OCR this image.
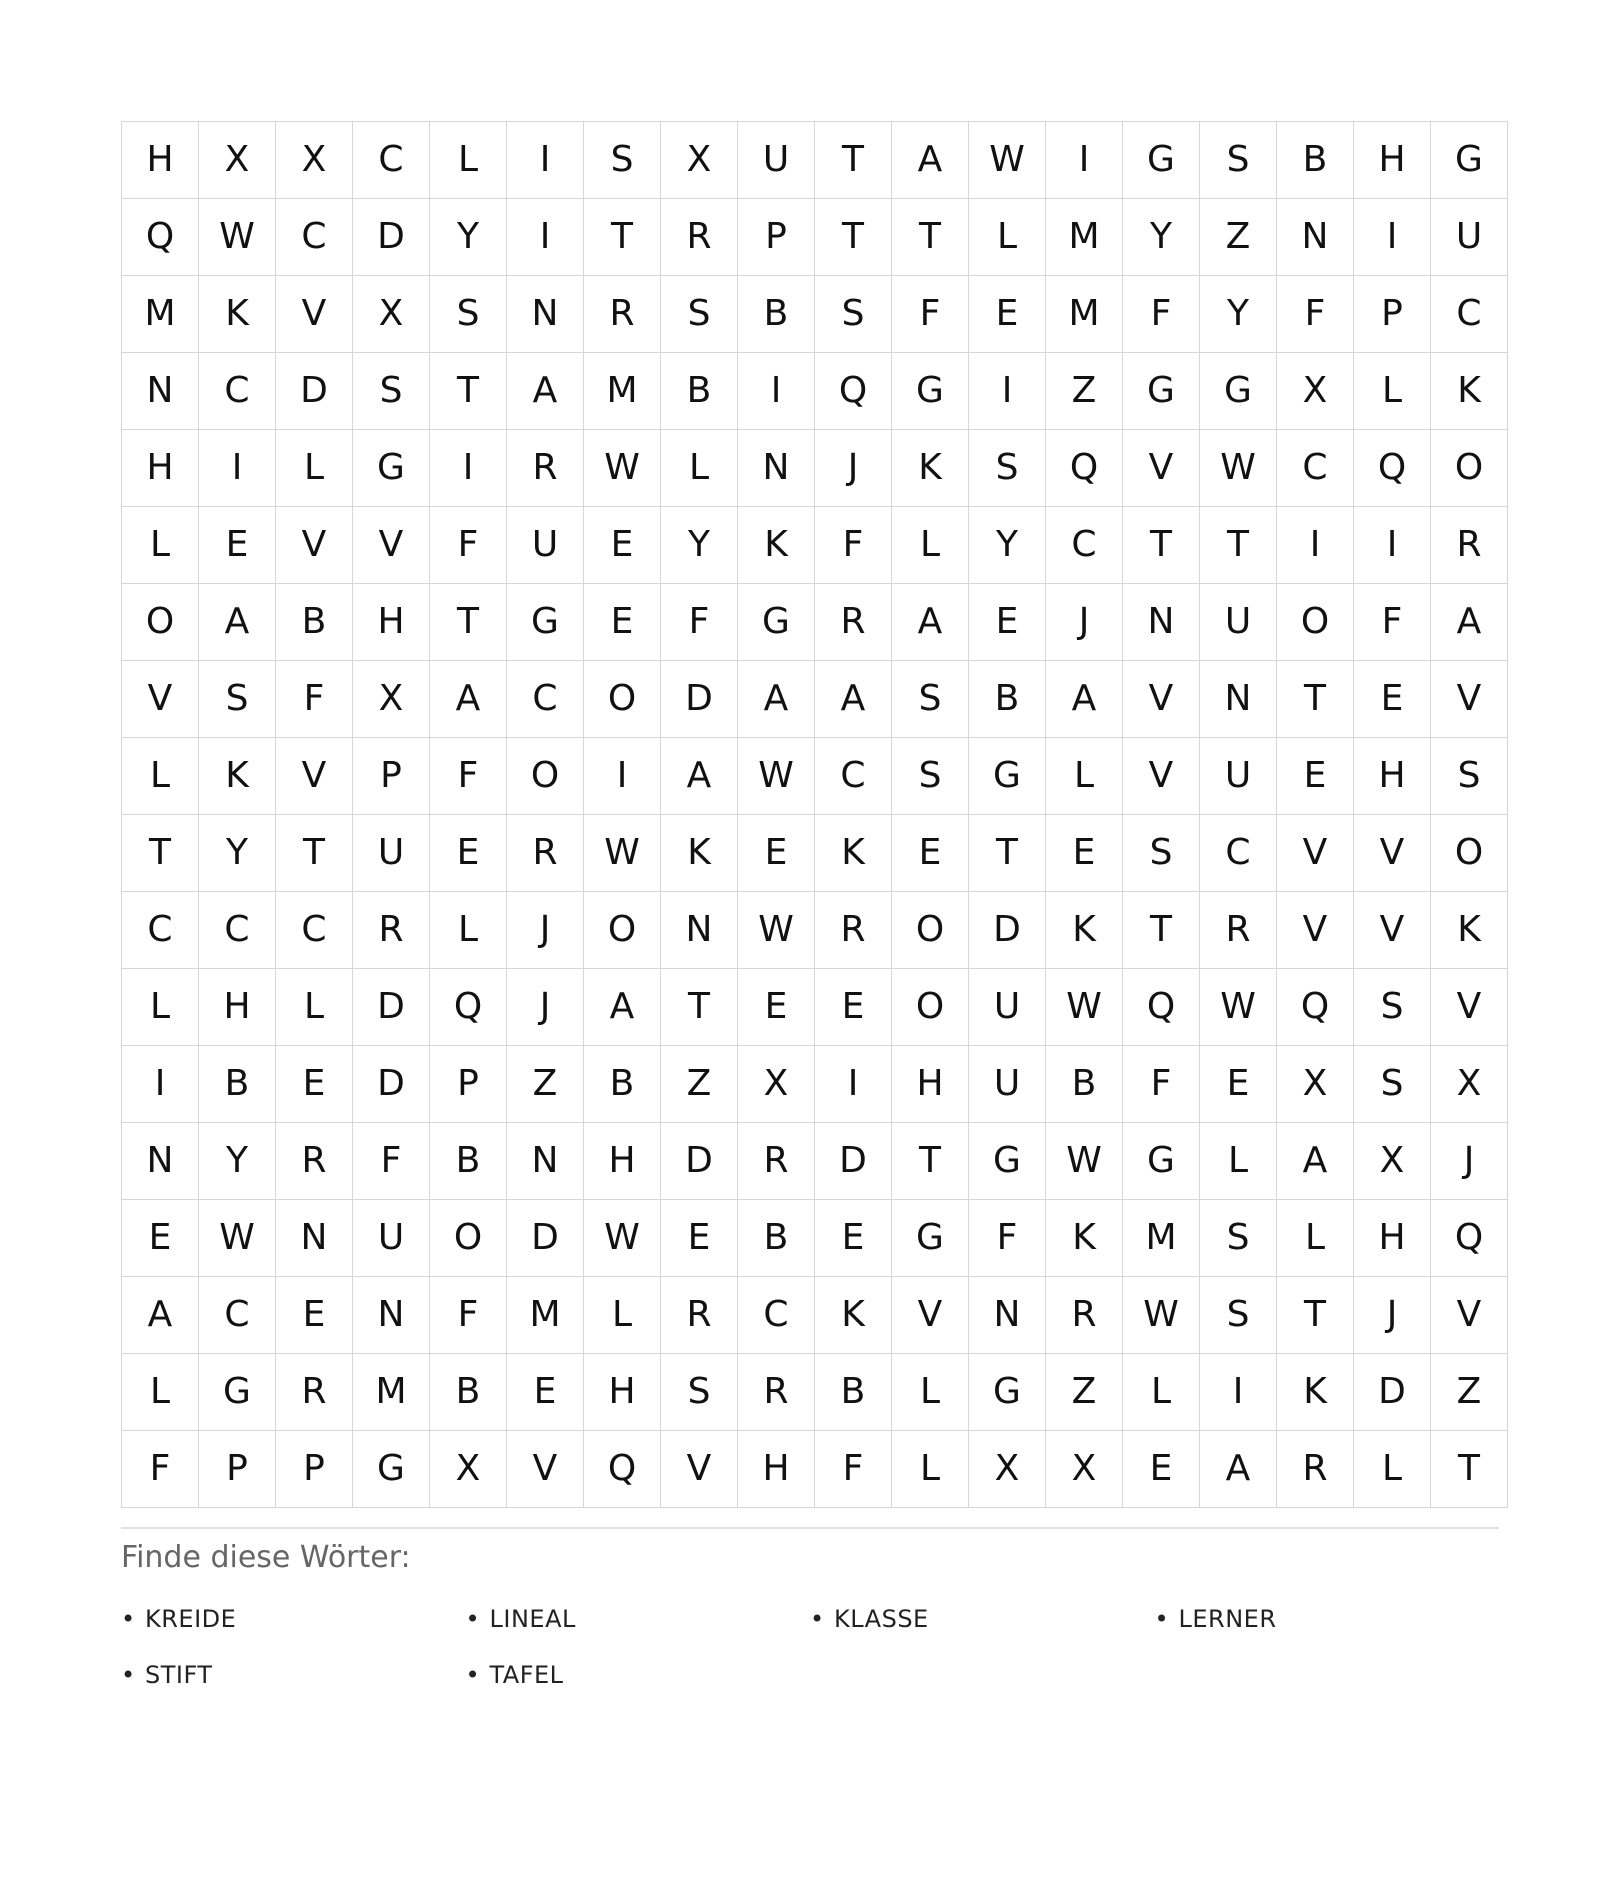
H	X	X	C	L	I	S	X	U	T	A	W	I	G	S	B	H	G
Q	W	C	D	Y	I	T	R	P	T	T	L	M	Y	Z	N	I	U
M	K	V	X	S	N	R	S	B	S	F	E	M	F	Y	F	P	C
N	C	D	S	T	A	M	B	I	Q	G	I	Z	G	G	X	L	K
H	I	L	G	I	R	W	L	N	J	K	S	Q	V	W	C	Q	O
L	E	V	V	F	U	E	Y	K	F	L	Y	C	T	T	I	I	R
O	A	B	H	T	G	E	F	G	R	A	E	J	N	U	O	F	A
V	S	F	X	A	C	O	D	A	A	S	B	A	V	N	T	E	V
L	K	V	P	F	O	I	A	W	C	S	G	L	V	U	E	H	S
T	Y	T	U	E	R	W	K	E	K	E	T	E	S	C	V	V	O
C	C	C	R	L	J	O	N	W	R	O	D	K	T	R	V	V	K
L	H	L	D	Q	J	A	T	E	E	O	U	W	Q	W	Q	S	V
I	B	E	D	P	Z	B	Z	X	I	H	U	B	F	E	X	S	X
N	Y	R	F	B	N	H	D	R	D	T	G	W	G	L	A	X	J
E	W	N	U	O	D	W	E	B	E	G	F	K	M	S	L	H	Q
A	C	E	N	F	M	L	R	C	K	V	N	R	W	S	T	J	V
L	G	R	M	B	E	H	S	R	B	L	G	Z	L	I	K	D	Z
F	P	P	G	X	V	Q	V	H	F	L	X	X	E	A	R	L	T
Finde diese Wörter:
• KREIDE	• LINEAL	• KLASSE	• LERNER
• STIFT	• TAFEL
